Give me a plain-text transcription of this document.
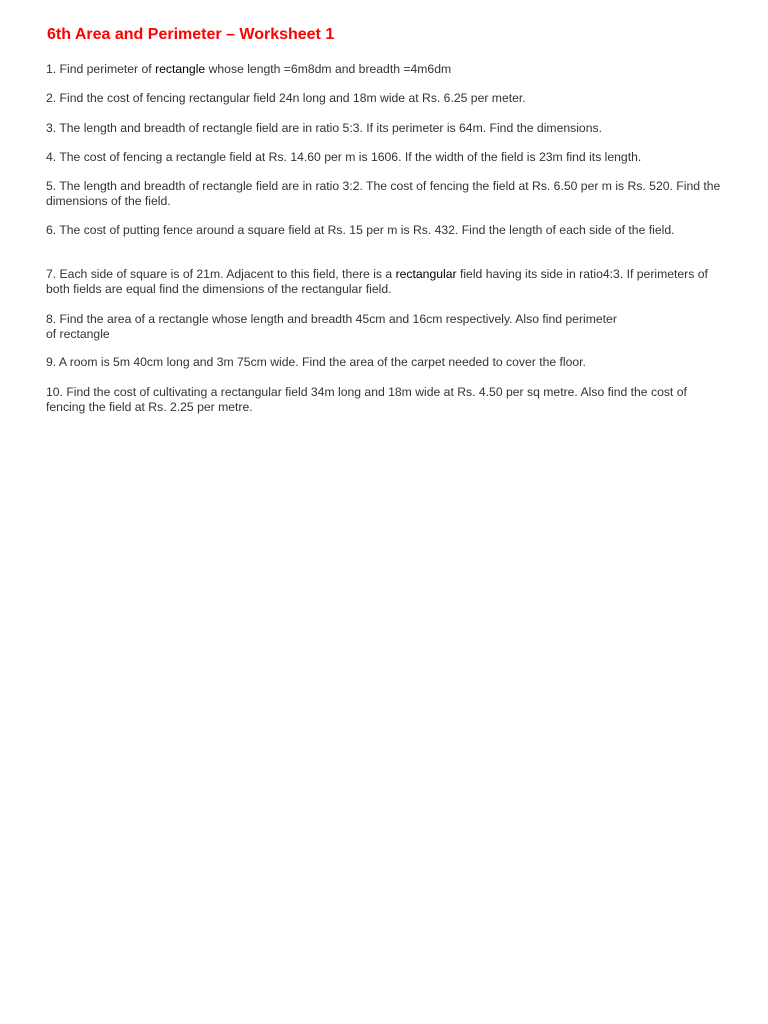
6th Area and Perimeter – Worksheet 1

1. Find perimeter of rectangle whose length =6m8dm and breadth =4m6dm

2. Find the cost of fencing rectangular field 24n long and 18m wide at Rs. 6.25 per meter.

3. The length and breadth of rectangle field are in ratio 5:3. If its perimeter is 64m. Find the dimensions.

4. The cost of fencing a rectangle field at Rs. 14.60 per m is 1606. If the width of the field is 23m find its length.

5. The length and breadth of rectangle field are in ratio 3:2. The cost of fencing the field at Rs. 6.50 per m is Rs. 520. Find the dimensions of the field.

6. The cost of putting fence around a square field at Rs. 15 per m is Rs. 432. Find the length of each side of the field.

7. Each side of square is of 21m. Adjacent to this field, there is a rectangular field having its side in ratio4:3. If perimeters of both fields are equal find the dimensions of the rectangular field.

8. Find the area of a rectangle whose length and breadth 45cm and 16cm respectively. Also find perimeter
of rectangle

9. A room is 5m 40cm long and 3m 75cm wide. Find the area of the carpet needed to cover the floor.

10. Find the cost of cultivating a rectangular field 34m long and 18m wide at Rs. 4.50 per sq metre. Also find the cost of fencing the field at Rs. 2.25 per metre.
